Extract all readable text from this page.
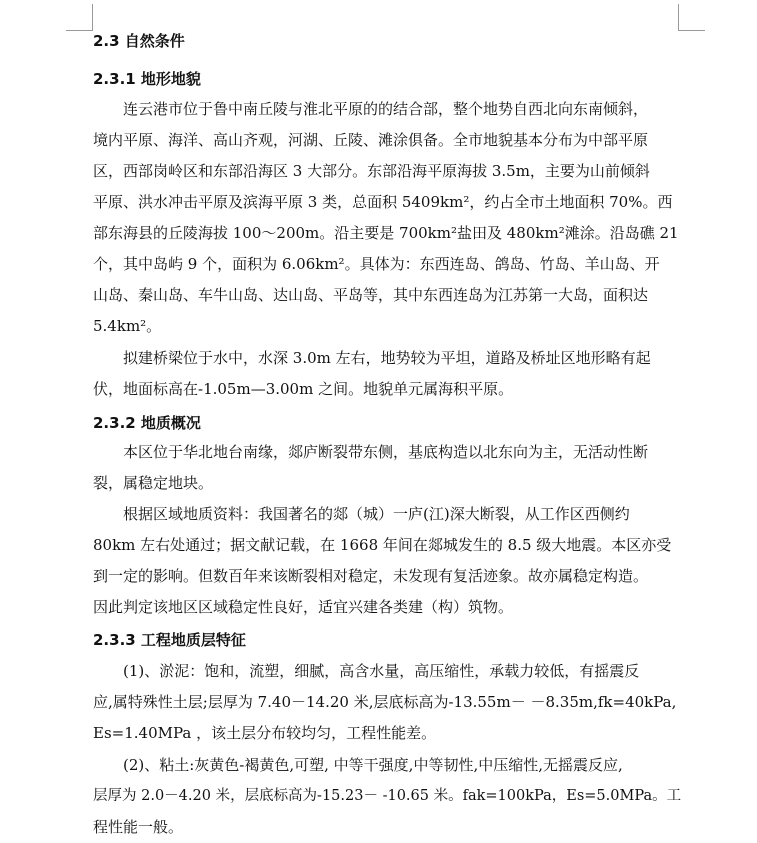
2.3 自然条件
2.3.1 地形地貌
连云港市位于鲁中南丘陵与淮北平原的的结合部，整个地势自西北向东南倾斜，
境内平原、海洋、高山齐观，河湖、丘陵、滩涂俱备。全市地貌基本分布为中部平原
区，西部岗岭区和东部沿海区 3 大部分。东部沿海平原海拔 3.5m，主要为山前倾斜
平原、洪水冲击平原及滨海平原 3 类，总面积 5409km²，约占全市土地面积 70%。西
部东海县的丘陵海拔 100～200m。沿主要是 700km²盐田及 480km²滩涂。沿岛礁 21
个，其中岛屿 9 个，面积为 6.06km²。具体为：东西连岛、鸽岛、竹岛、羊山岛、开
山岛、秦山岛、车牛山岛、达山岛、平岛等，其中东西连岛为江苏第一大岛，面积达
5.4km²。
拟建桥梁位于水中，水深 3.0m 左右，地势较为平坦，道路及桥址区地形略有起
伏，地面标高在-1.05m—3.00m 之间。地貌单元属海积平原。
2.3.2 地质概况
本区位于华北地台南缘，郯庐断裂带东侧，基底构造以北东向为主，无活动性断
裂，属稳定地块。
根据区域地质资料：我国著名的郯（城）一庐(江)深大断裂，从工作区西侧约
80km 左右处通过；据文献记载，在 1668 年间在郯城发生的 8.5 级大地震。本区亦受
到一定的影响。但数百年来该断裂相对稳定，未发现有复活迹象。故亦属稳定构造。
因此判定该地区区域稳定性良好，适宜兴建各类建（构）筑物。
2.3.3 工程地质层特征
(1)、淤泥：饱和，流塑，细腻，高含水量，高压缩性，承载力较低，有摇震反
应,属特殊性土层;层厚为 7.40－14.20 米,层底标高为-13.55m－ －8.35m,fk=40kPa,
Es=1.40MPa ，该土层分布较均匀，工程性能差。
(2)、粘土:灰黄色-褐黄色,可塑, 中等干强度,中等韧性,中压缩性,无摇震反应,
层厚为 2.0－4.20 米，层底标高为-15.23－ -10.65 米。fak=100kPa，Es=5.0MPa。工
程性能一般。
